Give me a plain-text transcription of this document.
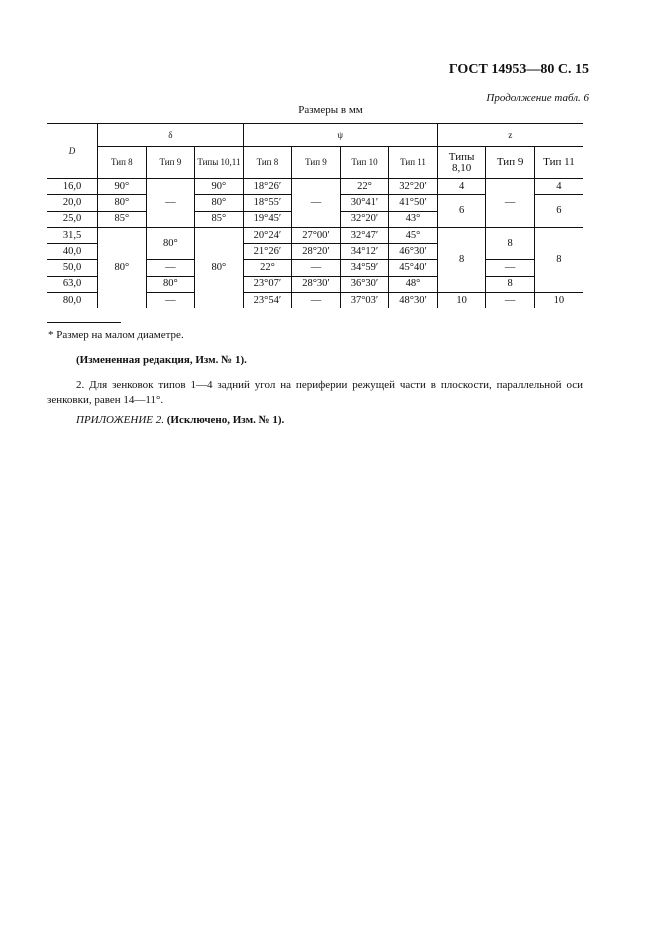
ГОСТ 14953—80 С. 15
Продолжение табл. 6
Размеры в мм
D	δ			ψ				z		
	Тип 8	Тип 9	Типы 10,11	Тип 8	Тип 9	Тип 10	Тип 11	Типы 8,10	Тип 9	Тип 11
16,0	90°	—	90°	18°26′	—	22°	32°20′	4	—	4
20,0	80°		80°	18°55′		30°41′	41°50′	6		6
25,0	85°		85°	19°45′		32°20′	43°			
31,5	80°	80°	80°	20°24′	27°00′	32°47′	45°	8	8	8
40,0				21°26′	28°20′	34°12′	46°30′			
50,0		—		22°	—	34°59′	45°40′		—	
63,0		80°		23°07′	28°30′	36°30′	48°		8	
80,0		—		23°54′	—	37°03′	48°30′	10	—	10
* Размер на малом диаметре.
(Измененная редакция, Изм. № 1).
2. Для зенковок типов 1—4 задний угол на периферии режущей части в плоскости, параллельной оси зенковки, равен 14—11°.
ПРИЛОЖЕНИЕ 2. (Исключено, Изм. № 1).
